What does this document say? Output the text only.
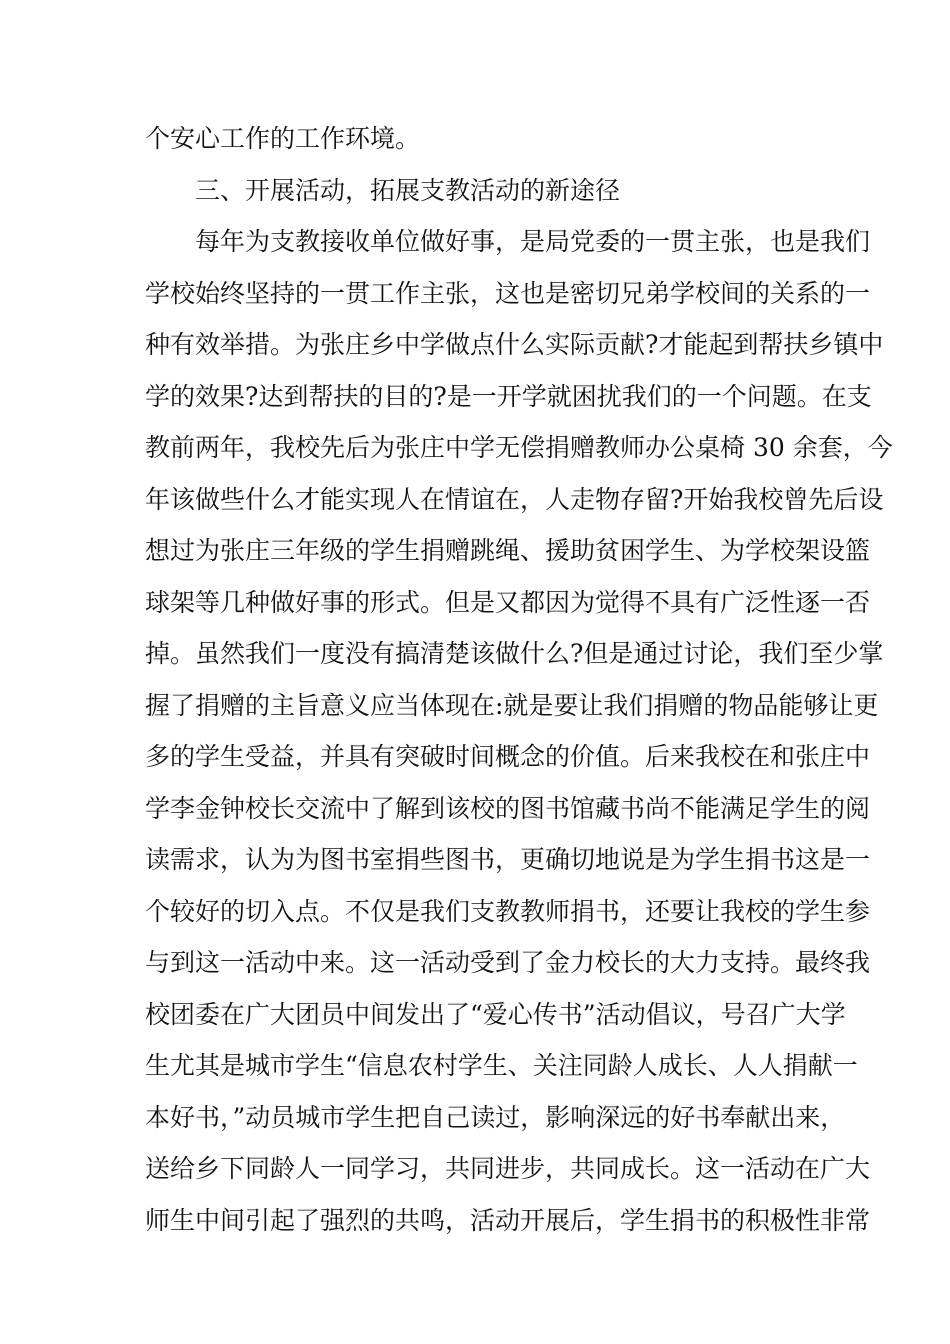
个安心工作的工作环境。
三、开展活动，拓展支教活动的新途径
每年为支教接收单位做好事，是局党委的一贯主张，也是我们
学校始终坚持的一贯工作主张，这也是密切兄弟学校间的关系的一
种有效举措。为张庄乡中学做点什么实际贡献?才能起到帮扶乡镇中
学的效果?达到帮扶的目的?是一开学就困扰我们的一个问题。在支
教前两年，我校先后为张庄中学无偿捐赠教师办公桌椅 30 余套，今
年该做些什么才能实现人在情谊在，人走物存留?开始我校曾先后设
想过为张庄三年级的学生捐赠跳绳、援助贫困学生、为学校架设篮
球架等几种做好事的形式。但是又都因为觉得不具有广泛性逐一否
掉。虽然我们一度没有搞清楚该做什么?但是通过讨论，我们至少掌
握了捐赠的主旨意义应当体现在:就是要让我们捐赠的物品能够让更
多的学生受益，并具有突破时间概念的价值。后来我校在和张庄中
学李金钟校长交流中了解到该校的图书馆藏书尚不能满足学生的阅
读需求，认为为图书室捐些图书，更确切地说是为学生捐书这是一
个较好的切入点。不仅是我们支教教师捐书，还要让我校的学生参
与到这一活动中来。这一活动受到了金力校长的大力支持。最终我
校团委在广大团员中间发出了“爱心传书”活动倡议，号召广大学
生尤其是城市学生“信息农村学生、关注同龄人成长、人人捐献一
本好书，”动员城市学生把自己读过，影响深远的好书奉献出来，
送给乡下同龄人一同学习，共同进步，共同成长。这一活动在广大
师生中间引起了强烈的共鸣，活动开展后，学生捐书的积极性非常
